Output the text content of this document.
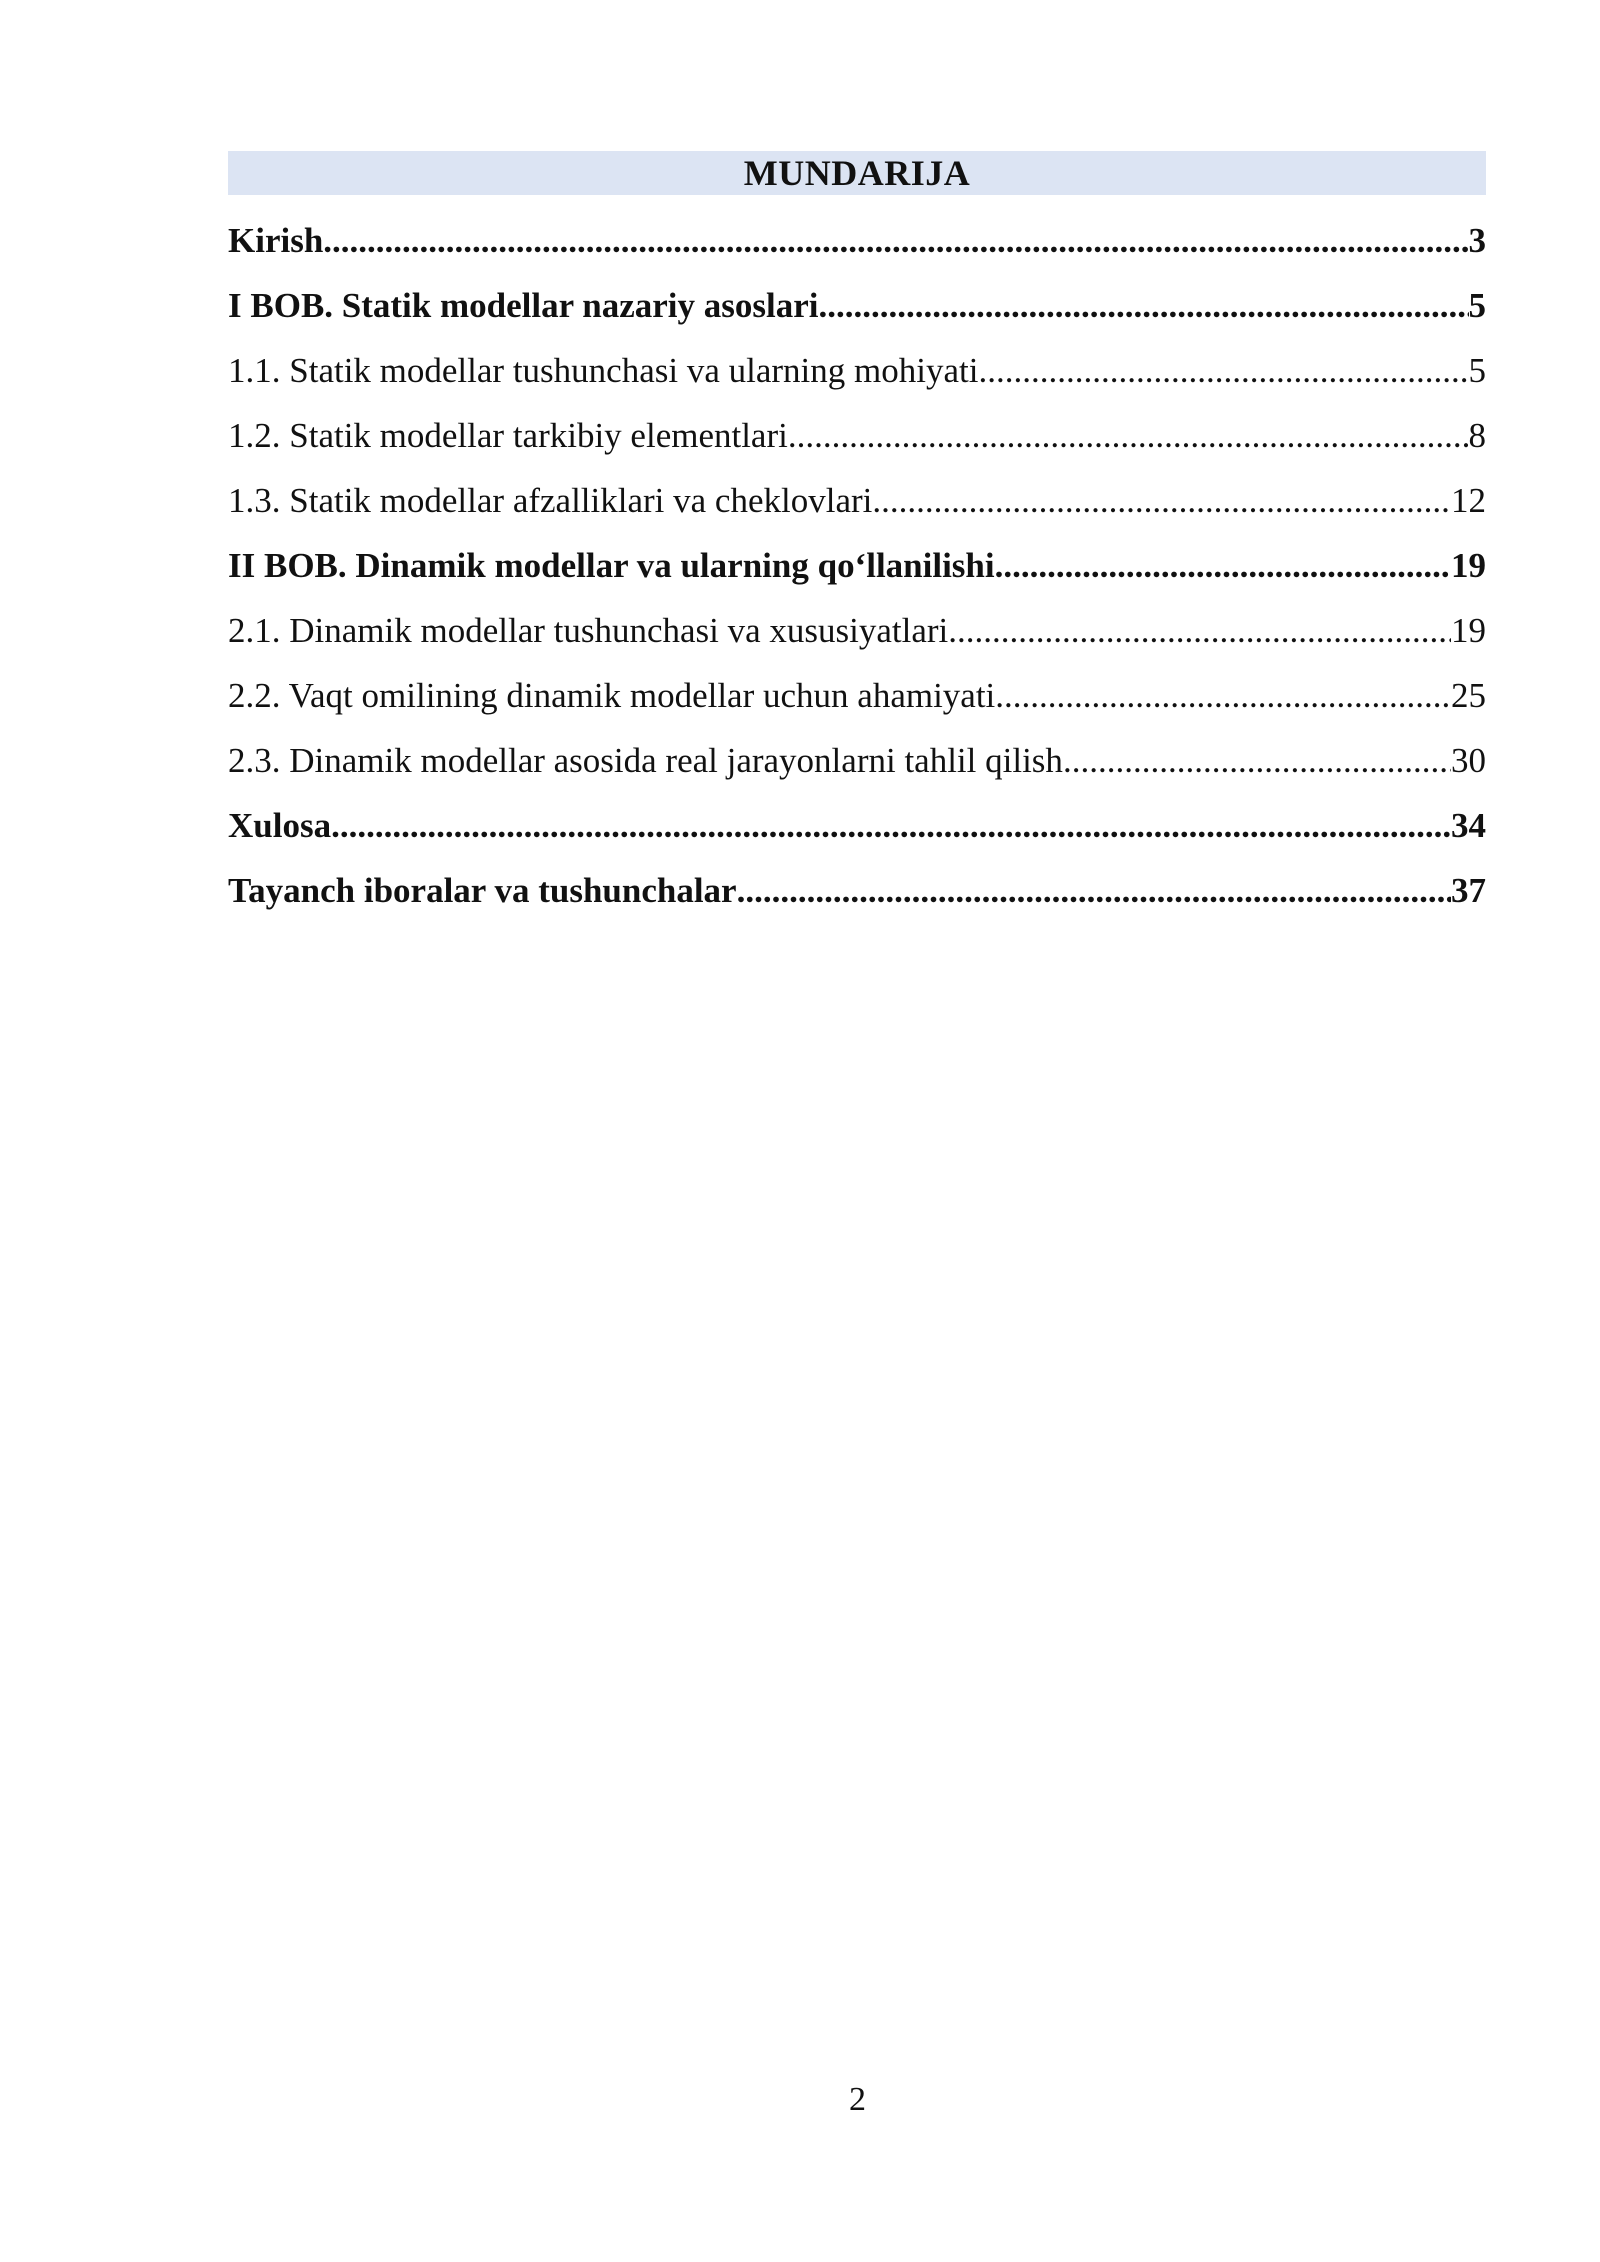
MUNDARIJA
Kirish .....	3
I BOB. Statik modellar nazariy asoslari .....	5
1.1. Statik modellar tushunchasi va ularning mohiyati .....	5
1.2. Statik modellar tarkibiy elementlari .....	8
1.3. Statik modellar afzalliklari va cheklovlari .....	12
II BOB. Dinamik modellar va ularning qo‘llanilishi .....	19
2.1. Dinamik modellar tushunchasi va xususiyatlari .....	19
2.2. Vaqt omilining dinamik modellar uchun ahamiyati .....	25
2.3. Dinamik modellar asosida real jarayonlarni tahlil qilish .....	30
Xulosa .....	34
Tayanch iboralar va tushunchalar .....	37
2
